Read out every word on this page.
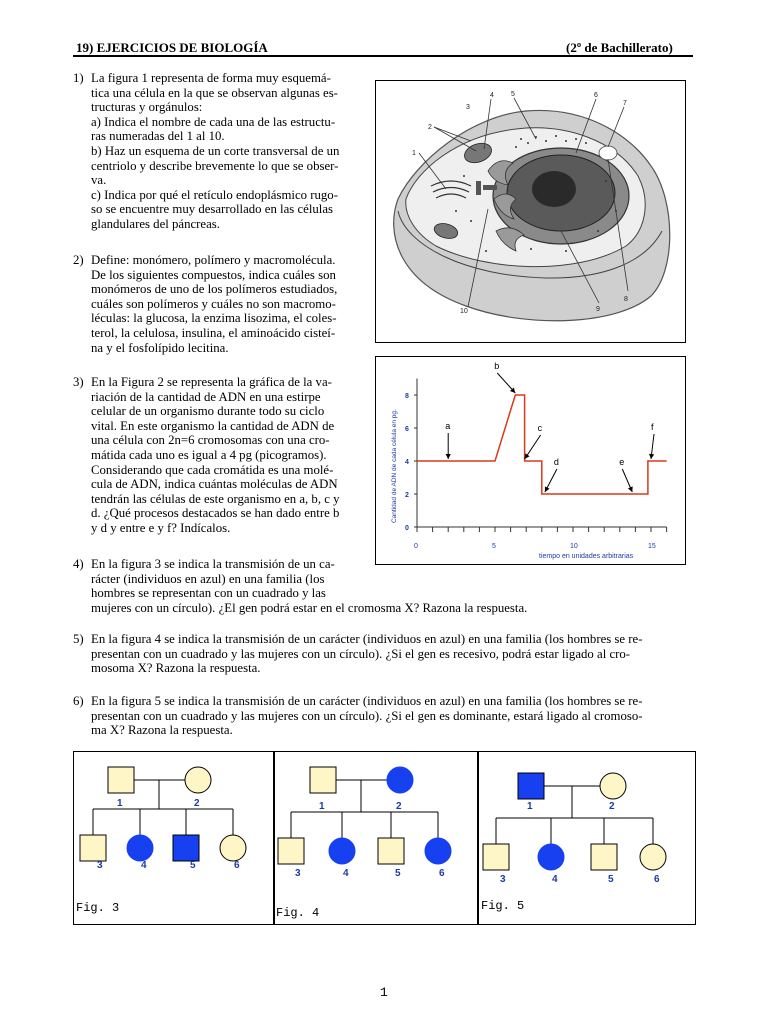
19) EJERCICIOS DE BIOLOGÍA	(2º de Bachillerato)
1) La figura 1 representa de forma muy esquemá-
tica una célula en la que se observan algunas es-
tructuras y orgánulos:
a) Indica el nombre de cada una de las estructu-
ras numeradas del 1 al 10.
b) Haz un esquema de un corte transversal de un
centriolo y describe brevemente lo que se obser-
va.
c) Indica por qué el retículo endoplásmico rugo-
so se encuentre muy desarrollado en las células
glandulares del páncreas.
2) Define: monómero, polímero y macromolécula.
De los siguientes compuestos, indica cuáles son
monómeros de uno de los polímeros estudiados,
cuáles son polímeros y cuáles no son macromo-
léculas: la glucosa, la enzima lisozima, el coles-
terol, la celulosa, insulina, el aminoácido cisteí-
na y el fosfolípido lecitina.
3) En la Figura 2 se representa la gráfica de la va-
riación de la cantidad de ADN en una estirpe
celular de un organismo durante todo su ciclo
vital. En este organismo la cantidad de ADN de
una célula con 2n=6 cromosomas con una cro-
mátida cada uno es igual a 4 pg (picogramos).
Considerando que cada cromátida es una molé-
cula de ADN, indica cuántas moléculas de ADN
tendrán las células de este organismo en a, b, c y
d. ¿Qué procesos destacados se han dado entre b
y d y entre e y f? Indícalos.
4) En la figura 3 se indica la transmisión de un ca-
rácter (individuos en azul) en una familia (los
hombres se representan con un cuadrado y las
mujeres con un círculo). ¿El gen podrá estar en el cromosma X? Razona la respuesta.
5) En la figura 4 se indica la transmisión de un carácter (individuos en azul) en una familia (los hombres se re-
presentan con un cuadrado y las mujeres con un círculo). ¿Si el gen es recesivo, podrá estar ligado al cro-
mosoma X? Razona la respuesta.
6) En la figura 5 se indica la transmisión de un carácter (individuos en azul) en una familia (los hombres se re-
presentan con un cuadrado y las mujeres con un círculo). ¿Si el gen es dominante, estará ligado al cromoso-
ma X? Razona la respuesta.
1
2
3
4 5	6
7
8
9
10
0
2
4
6
8
0	5	10	15
Cantidad de ADN de cada célula en pg.
tiempo en unidades arbitrarias
a
b
c
d	e
f
1	2
3	4	5	6
1	2
3	4	5	6
1	2
3	4	5	6
Fig. 3	Fig. 4	Fig. 5
1
